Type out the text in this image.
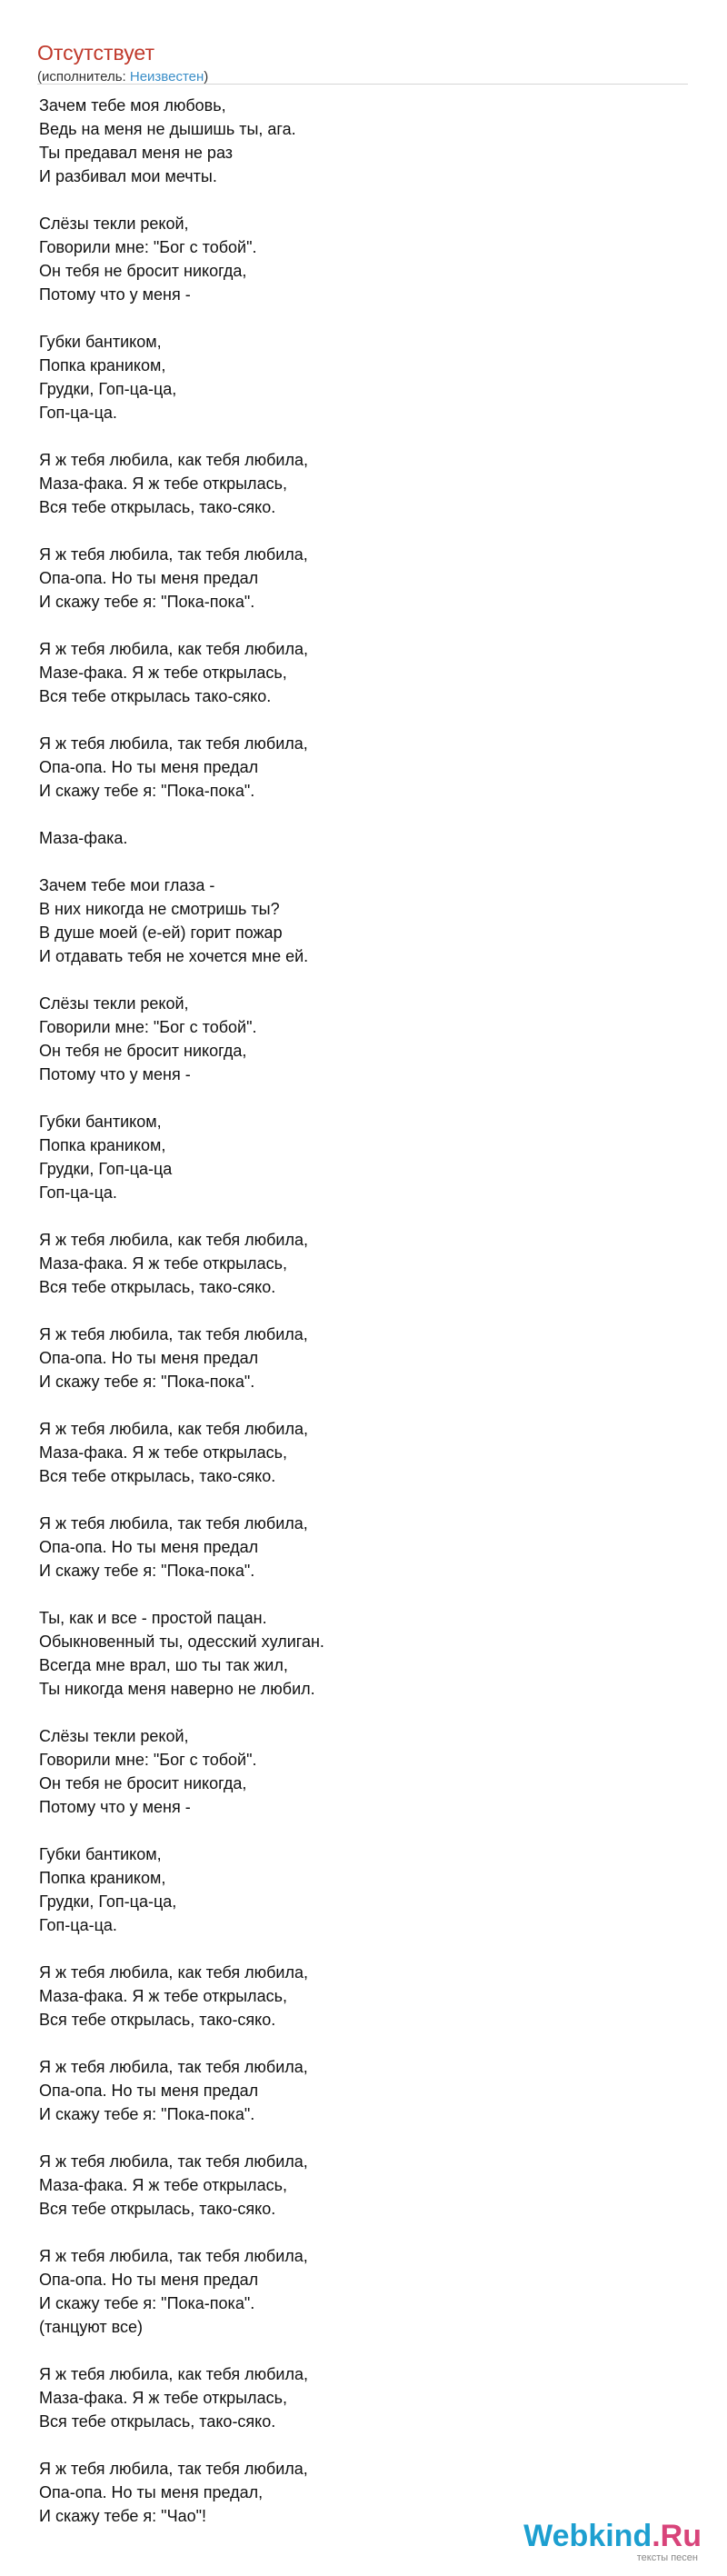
Отсутствует
(исполнитель: Неизвестен)
Зачем тебе моя любовь,
Ведь на меня не дышишь ты, ага.
Ты предавал меня не раз
И разбивал мои мечты.
Слёзы текли рекой,
Говорили мне: "Бог с тобой".
Он тебя не бросит никогда,
Потому что у меня -
Губки бантиком,
Попка краником,
Грудки, Гоп-ца-ца,
Гоп-ца-ца.
Я ж тебя любила, как тебя любила,
Маза-фака. Я ж тебе открылась,
Вся тебе открылась, тако-сяко.
Я ж тебя любила, так тебя любила,
Опа-опа. Но ты меня предал
И скажу тебе я: "Пока-пока".
Я ж тебя любила, как тебя любила,
Мазе-фака. Я ж тебе открылась,
Вся тебе открылась тако-сяко.
Я ж тебя любила, так тебя любила,
Опа-опа. Но ты меня предал
И скажу тебе я: "Пока-пока".
Маза-фака.
Зачем тебе мои глаза -
В них никогда не смотришь ты?
В душе моей (е-ей) горит пожар
И отдавать тебя не хочется мне ей.
Слёзы текли рекой,
Говорили мне: "Бог с тобой".
Он тебя не бросит никогда,
Потому что у меня -
Губки бантиком,
Попка краником,
Грудки, Гоп-ца-ца
Гоп-ца-ца.
Я ж тебя любила, как тебя любила,
Маза-фака. Я ж тебе открылась,
Вся тебе открылась, тако-сяко.
Я ж тебя любила, так тебя любила,
Опа-опа. Но ты меня предал
И скажу тебе я: "Пока-пока".
Я ж тебя любила, как тебя любила,
Маза-фака. Я ж тебе открылась,
Вся тебе открылась, тако-сяко.
Я ж тебя любила, так тебя любила,
Опа-опа. Но ты меня предал
И скажу тебе я: "Пока-пока".
Ты, как и все - простой пацан.
Обыкновенный ты, одесский хулиган.
Всегда мне врал, шо ты так жил,
Ты никогда меня наверно не любил.
Слёзы текли рекой,
Говорили мне: "Бог с тобой".
Он тебя не бросит никогда,
Потому что у меня -
Губки бантиком,
Попка краником,
Грудки, Гоп-ца-ца,
Гоп-ца-ца.
Я ж тебя любила, как тебя любила,
Маза-фака. Я ж тебе открылась,
Вся тебе открылась, тако-сяко.
Я ж тебя любила, так тебя любила,
Опа-опа. Но ты меня предал
И скажу тебе я: "Пока-пока".
Я ж тебя любила, так тебя любила,
Маза-фака. Я ж тебе открылась,
Вся тебе открылась, тако-сяко.
Я ж тебя любила, так тебя любила,
Опа-опа. Но ты меня предал
И скажу тебе я: "Пока-пока".
(танцуют все)
Я ж тебя любила, как тебя любила,
Маза-фака. Я ж тебе открылась,
Вся тебе открылась, тако-сяко.
Я ж тебя любила, так тебя любила,
Опа-опа. Но ты меня предал,
И скажу тебе я: "Чао"!
Webkind.Ru
тексты песен
